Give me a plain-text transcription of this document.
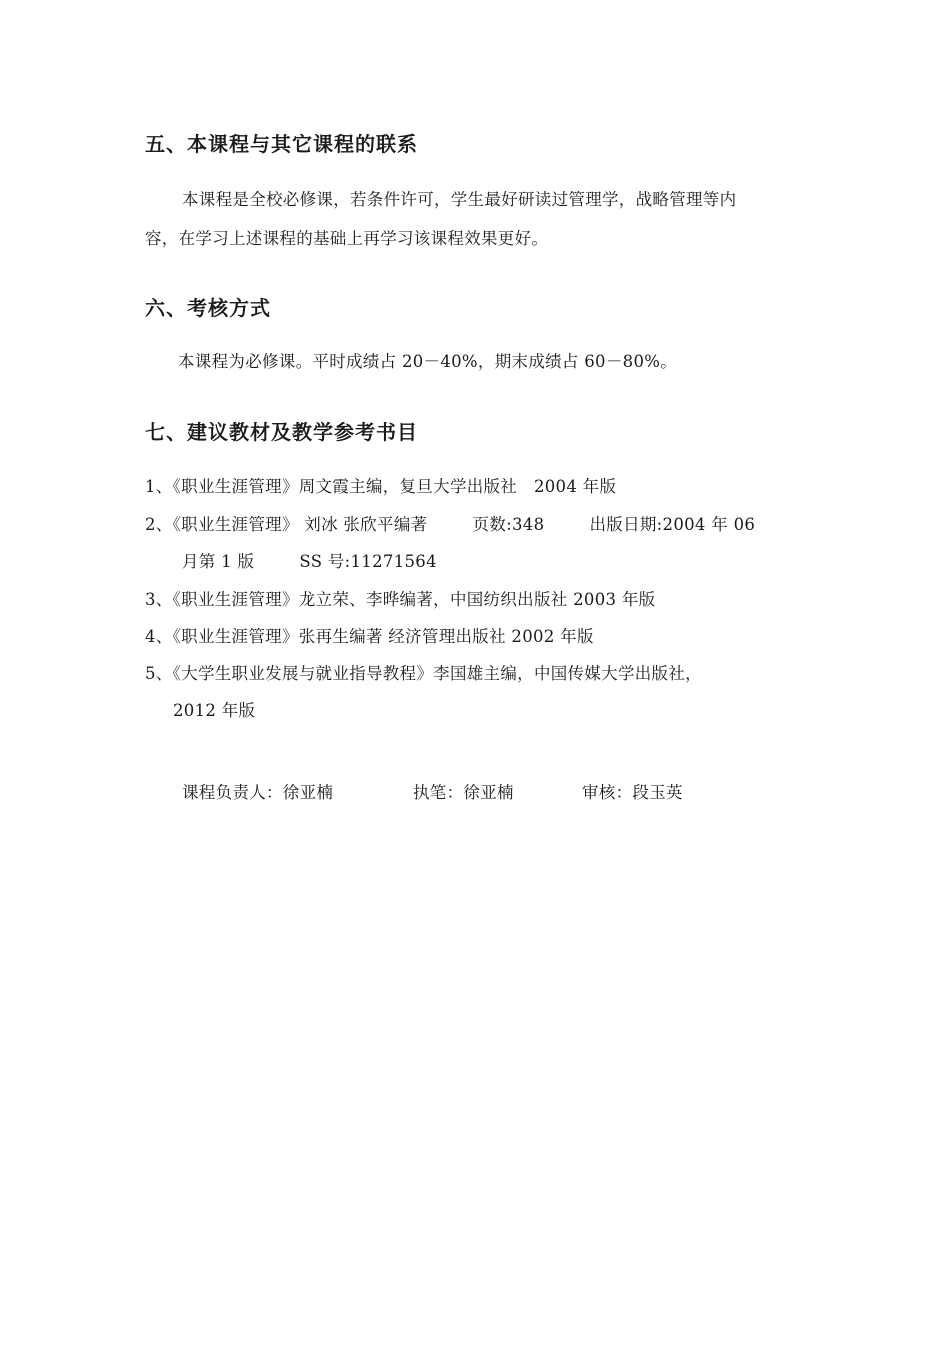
五、本课程与其它课程的联系
本课程是全校必修课，若条件许可，学生最好研读过管理学，战略管理等内
容，在学习上述课程的基础上再学习该课程效果更好。
六、考核方式
本课程为必修课。平时成绩占 20－40%，期末成绩占 60－80%。
七、建议教材及教学参考书目
1、《职业生涯管理》周文霞主编，复旦大学出版社　2004 年版
2、《职业生涯管理》 刘冰 张欣平编著	页数:348	出版日期:2004 年 06
月第 1 版	SS 号:11271564
3、《职业生涯管理》龙立荣、李晔编著，中国纺织出版社 2003 年版
4、《职业生涯管理》张再生编著 经济管理出版社 2002 年版
5、《大学生职业发展与就业指导教程》李国雄主编，中国传媒大学出版社，
2012 年版
课程负责人：徐亚楠	执笔：徐亚楠	审核：段玉英
